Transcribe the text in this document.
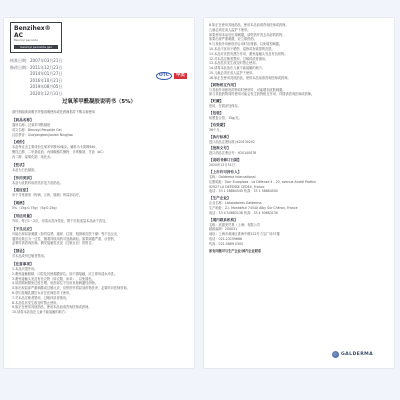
Benzihex® AC
Benzoyl peroxide
benzoyl peroxide gel
核准日期：2007年03月21日
修改日期：2011年12月21日
　　　　　2014年01月27日
　　　　　2016年10月21日
　　　　　2019年08月05日
　　　　　2020年12月31日
OTC	甲类
过氧苯甲酰凝胶说明书（5%）
请仔细阅读说明书并按说明使用或在药师指导下购买和使用
【药品名称】
通用名称：过氧苯甲酰凝胶
英文名称：Benzoyl Peroxide Gel
汉语拼音：Guoyangbenjiaxian Ningjiao
【成份】
本品每克含主要成份过氧苯甲酰50毫克。辅料为卡波姆940、
聚羟乙醇、二甲基硅油、丙烯酸酯共聚物、多库酯钠、甘油（AC）
丙二醇、氢氧化钠、纯化水。
【性状】
本品为白色凝胶。
【作用类别】
本品为皮肤科用药类非处方药药品。
【适应症】
用于寻常痤疮（粉刺，丘疹，脓疱）的局部治疗。
【规格】
5%（15g:0.75g）（5g:0.25g）
【用法用量】
外用。每日1～2次，用清水洗净患处，擦干后取适量本品涂于患处。
【不良反应】
可能出现局部刺激（如灼烧感、瘙痒、红斑、脱屑和皮肤干燥）等不良反应，
通常轻微且为一过性，随着持续用药可逐渐减轻。如果刺激严重，应停药，
必要时请咨询医师。偶见接触性皮炎（过敏反应）的报告。
【禁忌】
对本品成份过敏者禁用。
【注意事项】
1.本品只限外用。
2.避免接触眼睛、口腔及其他黏膜部位。如不慎接触，应立即用清水冲洗。
3.避免接触头发及有色衣物（如衣服、床单），以免褪色。
4.用药期间避免过度日晒，用药部位不宜用其他刺激性药物。
5.如出现局部严重刺激或过敏反应，应停药并将局部药物洗净，必要时向医师咨询。
6.孕妇及哺乳期妇女应在医师指导下使用。
7.对本品过敏者禁用，过敏体质者慎用。
8.本品性状发生改变时禁止使用。
9.如正在使用其他药品，使用本品前请咨询医师或药师。
10.请将本品放在儿童不能接触的地方。
8.如正在使用其他药品，使用本品前请咨询医师或药师。
儿童必须在成人监护下使用。
如果使用本品后出现刺激，请停药并洗去局部的药物。
如果出现严重刺激，应立即停药。
9.与其他外用痤疮药合用时应谨慎，以免增加刺激。
10.本品不宜用于晒伤、湿疹或有破损的皮肤。
11.本品对皮肤有漂白作用，避免接触头发及有色织物。
12.对本品过敏者禁用，过敏体质者慎用。
13.本品性状发生改变时禁止使用。
14.请将本品放在儿童不能接触的地方。
15.儿童必须在成人监护下使用。
16.如正在使用其他药品，使用本品前请咨询医师或药师。
【药物相互作用】
与其他外用痤疮药物同时使用时，可能增加皮肤刺激。
如与其他药物同时使用可能会发生药物相互作用，详情请咨询医师或药师。
【贮藏】
密闭，在阴凉处保存。
【包装】
铝塑复合管，15g/支。
【有效期】
36个月。
【执行标准】
进口药品注册标准 JX20130202
【批准文号】
进口药品注册证号：H20140076
【说明书修订日期】
2020年12月31日
【上市许可持有人】
名称：Galderma International
注册地址：Tour Europlaza - La Défense 4 - 20, avenue André Prothin
92927 LA DEFENSE CEDEX, France
电话：33 1 58864545 传真：33 1 58864500
【生产企业】
企业名称：Laboratoires Galderma
生产地址：Z.I. Montdésir 74540 Alby Sur Chéran, France
电话：33 4 50683138 传真：33 4 50683139
【境内联系机构】
名称：高德美贸易（上海）有限公司
邮政编码：200031
地址：上海市黄浦区淮海中路222号力宝广场37楼
电话：021-23159666
传真：021-5869 0300
如有问题可与生产企业/国内企业联系
GALDERMA
